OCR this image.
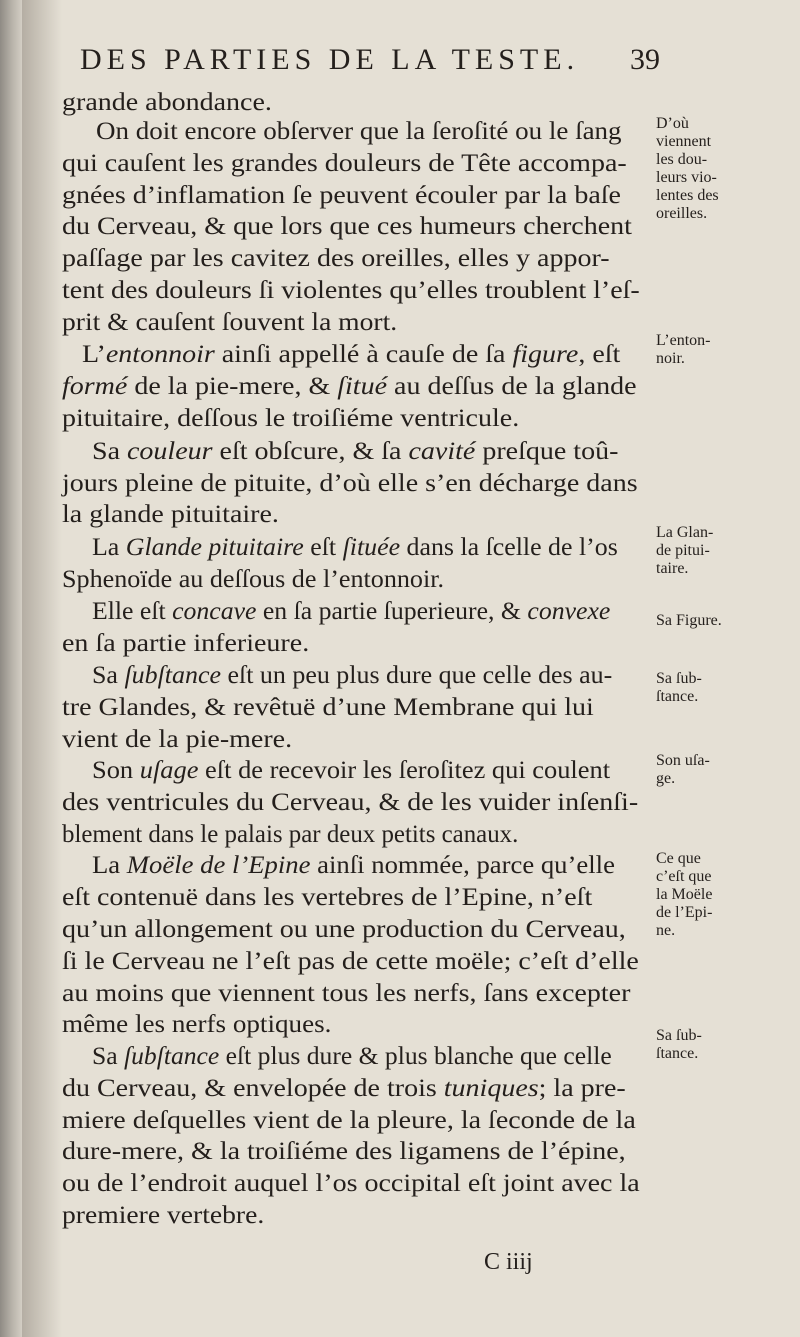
DES PARTIES DE LA TESTE. 39
grande abondance.
On doit encore obſerver que la ſeroſité ou le ſang
qui cauſent les grandes douleurs de Tête accompa-
gnées d’inflamation ſe peuvent écouler par la baſe
du Cerveau, & que lors que ces humeurs cherchent
paſſage par les cavitez des oreilles, elles y appor-
tent des douleurs ſi violentes qu’elles troublent l’eſ-
prit & cauſent ſouvent la mort.
L’entonnoir ainſi appellé à cauſe de ſa figure, eſt
formé de la pie-mere, & ſitué au deſſus de la glande
pituitaire, deſſous le troiſiéme ventricule.
Sa couleur eſt obſcure, & ſa cavité preſque toû-
jours pleine de pituite, d’où elle s’en décharge dans
la glande pituitaire.
La Glande pituitaire eſt ſituée dans la ſcelle de l’os
Sphenoïde au deſſous de l’entonnoir.
Elle eſt concave en ſa partie ſuperieure, & convexe
en ſa partie inferieure.
Sa ſubſtance eſt un peu plus dure que celle des au-
tre Glandes, & revêtuë d’une Membrane qui lui
vient de la pie-mere.
Son uſage eſt de recevoir les ſeroſitez qui coulent
des ventricules du Cerveau, & de les vuider inſenſi-
blement dans le palais par deux petits canaux.
La Moële de l’Epine ainſi nommée, parce qu’elle
eſt contenuë dans les vertebres de l’Epine, n’eſt
qu’un allongement ou une production du Cerveau,
ſi le Cerveau ne l’eſt pas de cette moële; c’eſt d’elle
au moins que viennent tous les nerfs, ſans excepter
même les nerfs optiques.
Sa ſubſtance eſt plus dure & plus blanche que celle
du Cerveau, & envelopée de trois tuniques; la pre-
miere deſquelles vient de la pleure, la ſeconde de la
dure-mere, & la troiſiéme des ligamens de l’épine,
ou de l’endroit auquel l’os occipital eſt joint avec la
premiere vertebre.
D’où
viennent
les dou-
leurs vio-
lentes des
oreilles.
L’enton-
noir.
La Glan-
de pitui-
taire.
Sa Figure.
Sa ſub-
ſtance.
Son uſa-
ge.
Ce que
c’eſt que
la Moële
de l’Epi-
ne.
Sa ſub-
ſtance.
C iiij
